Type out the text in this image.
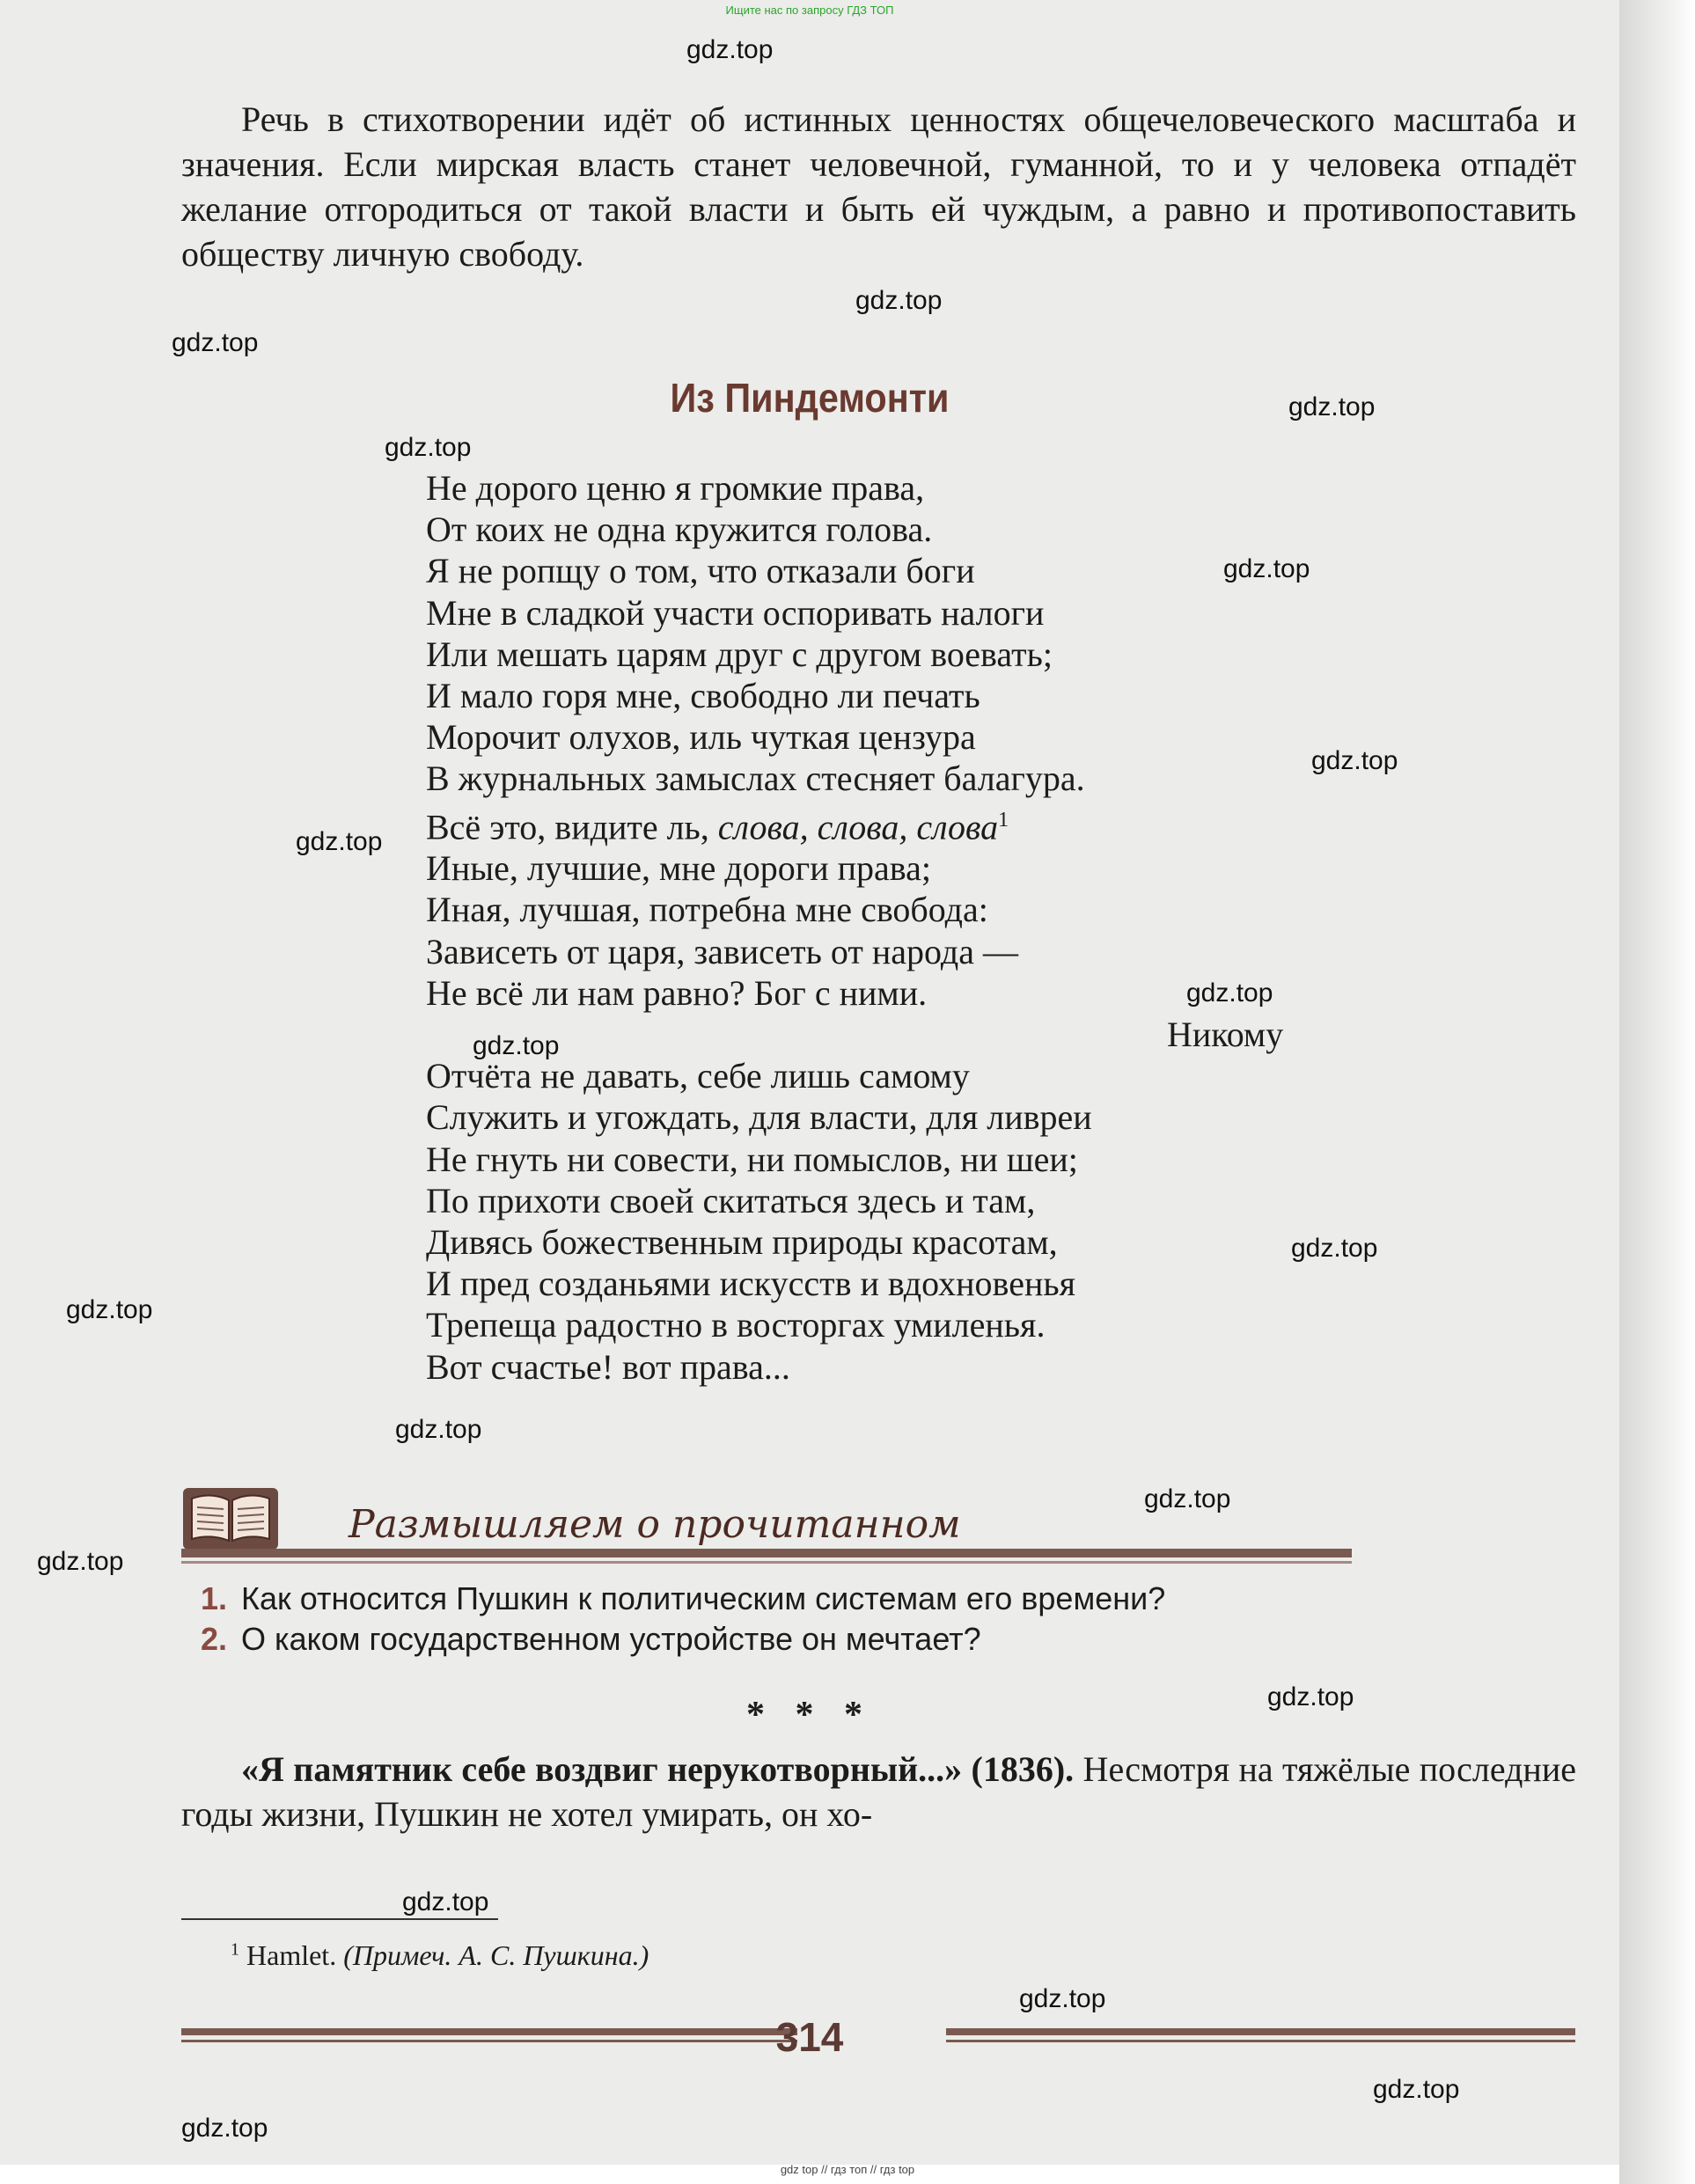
Ищите нас по запросу ГДЗ ТОП
gdz.top
gdz.top
gdz.top
gdz.top
gdz.top
gdz.top
gdz.top
gdz.top
gdz.top
gdz.top
gdz.top
gdz.top
gdz.top
gdz.top
gdz.top
gdz.top
gdz.top
gdz.top
gdz.top
gdz.top
Речь в стихотворении идёт об истинных ценностях общечеловеческого масштаба и значения. Если мирская власть станет человечной, гуманной, то и у человека отпадёт желание отгородиться от такой власти и быть ей чуждым, а равно и противопоставить обществу личную свободу.
Из Пиндемонти
Не дорого ценю я громкие права,
От коих не одна кружится голова.
Я не ропщу о том, что отказали боги
Мне в сладкой участи оспоривать налоги
Или мешать царям друг с другом воевать;
И мало горя мне, свободно ли печать
Морочит олухов, иль чуткая цензура
В журнальных замыслах стесняет балагура.
Всё это, видите ль, слова, слова, слова$^1$
Иные, лучшие, мне дороги права;
Иная, лучшая, потребна мне свобода:
Зависеть от царя, зависеть от народа —
Не всё ли нам равно? Бог с ними.
Никому
Отчёта не давать, себе лишь самому
Служить и угождать, для власти, для ливреи
Не гнуть ни совести, ни помыслов, ни шеи;
По прихоти своей скитаться здесь и там,
Дивясь божественным природы красотам,
И пред созданьями искусств и вдохновенья
Трепеща радостно в восторгах умиленья.
Вот счастье! вот права...
Размышляем о прочитанном
1. Как относится Пушкин к политическим системам его времени?
2. О каком государственном устройстве он мечтает?
* * *
«Я памятник себе воздвиг нерукотворный...» (1836). Несмотря на тяжёлые последние годы жизни, Пушкин не хотел умирать, он хо-
$^1$ Hamlet. (Примеч. А. С. Пушкина.)
314
gdz top // гдз топ // гдз top
